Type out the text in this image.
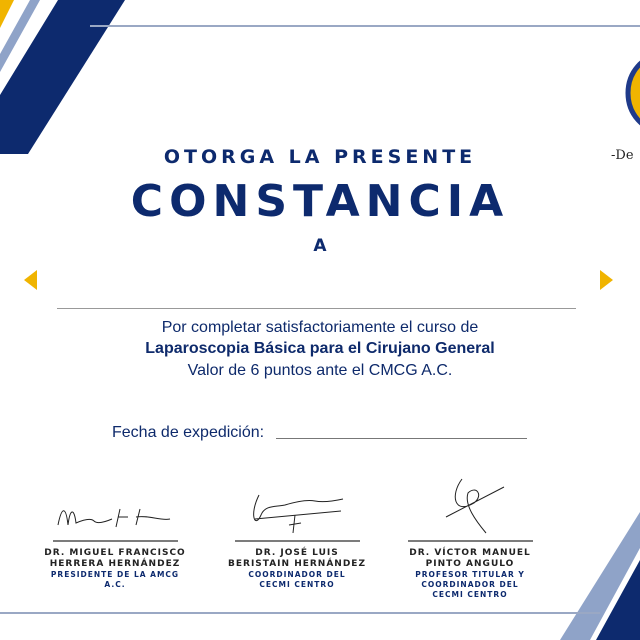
-De
OTORGA LA PRESENTE
CONSTANCIA
A
Por completar satisfactoriamente el curso de
Laparoscopia Básica para el Cirujano General
Valor de 6 puntos ante el CMCG A.C.
Fecha de expedición:
DR. MIGUEL FRANCISCO
HERRERA HERNÁNDEZ
PRESIDENTE DE LA AMCG A.C.
DR. JOSÉ LUIS
BERISTAIN HERNÁNDEZ
COORDINADOR DEL
CECMI CENTRO
DR. VÍCTOR MANUEL
PINTO ANGULO
PROFESOR TITULAR Y
COORDINADOR DEL
CECMI CENTRO
